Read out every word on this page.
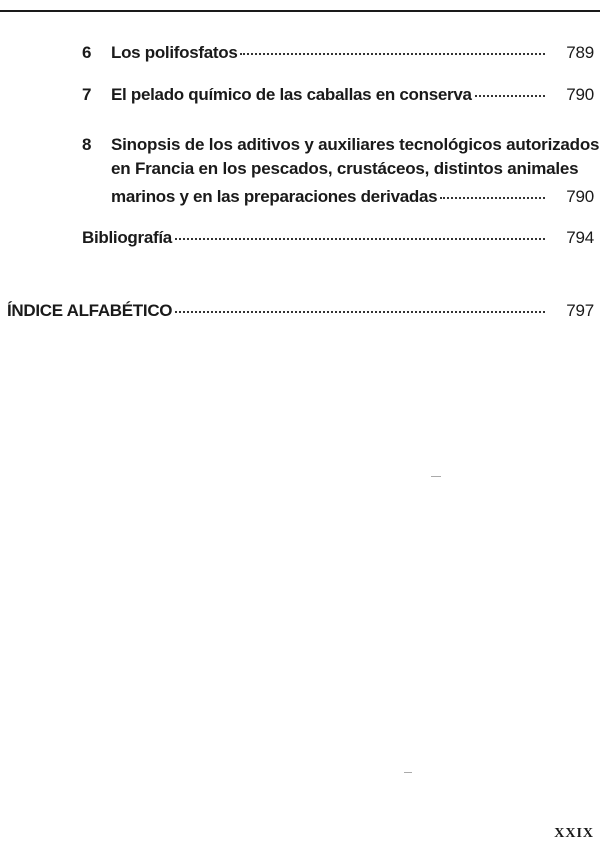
6	Los polifosfatos	789
7	El pelado químico de las caballas en conserva	790
8 Sinopsis de los aditivos y auxiliares tecnológicos autorizados
en Francia en los pescados, crustáceos, distintos animales
marinos y en las preparaciones derivadas	790
Bibliografía	794
ÍNDICE ALFABÉTICO	797
XXIX
